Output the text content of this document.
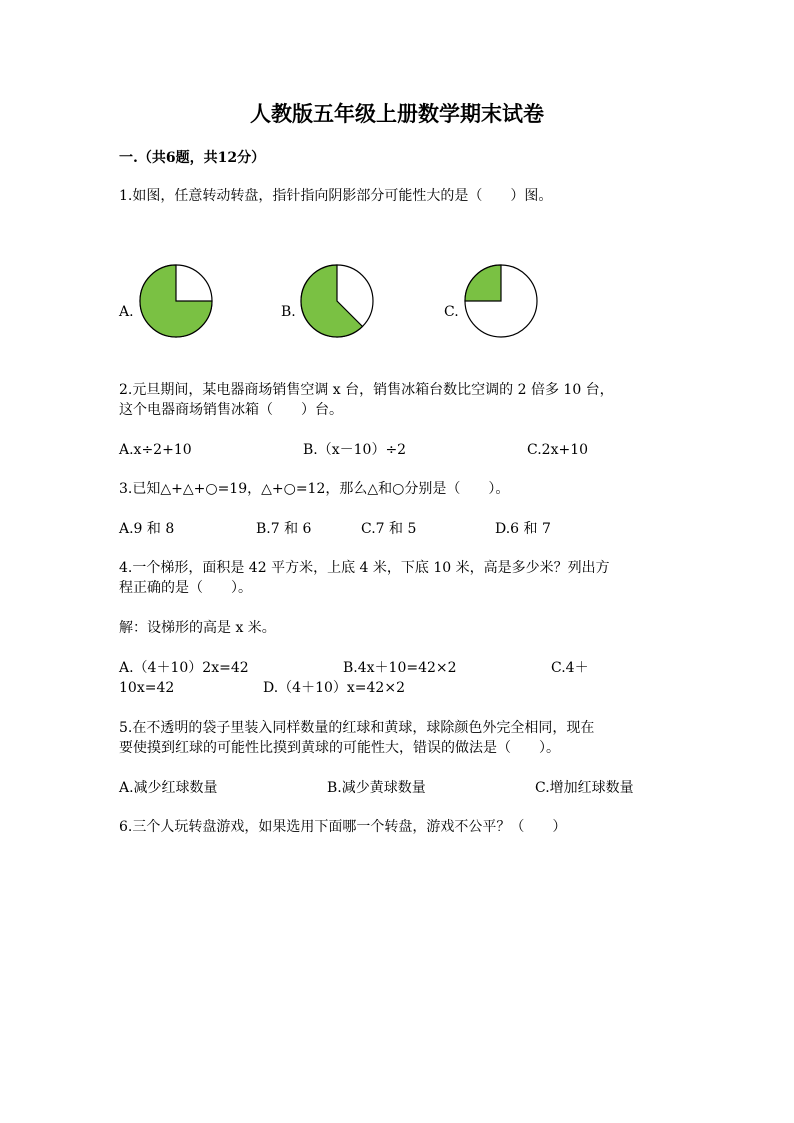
人教版五年级上册数学期末试卷
一.（共6题，共12分）
1.如图，任意转动转盘，指针指向阴影部分可能性大的是（　　）图。
A.	B.	C.
2.元旦期间，某电器商场销售空调 x 台，销售冰箱台数比空调的 2 倍多 10 台，
这个电器商场销售冰箱（　　）台。
A.x÷2+10	B.（x－10）÷2	C.2x+10
3.已知△+△+○=19，△+○=12，那么△和○分别是（　　）。
A.9 和 8	B.7 和 6	C.7 和 5	D.6 和 7
4.一个梯形，面积是 42 平方米，上底 4 米，下底 10 米，高是多少米？列出方
程正确的是（　　）。
解：设梯形的高是 x 米。
A.（4＋10）2x=42	B.4x＋10=42×2	C.4＋
10x=42	D.（4＋10）x=42×2
5.在不透明的袋子里装入同样数量的红球和黄球，球除颜色外完全相同，现在
要使摸到红球的可能性比摸到黄球的可能性大，错误的做法是（　　）。
A.减少红球数量	B.减少黄球数量	C.增加红球数量
6.三个人玩转盘游戏，如果选用下面哪一个转盘，游戏不公平？（　　）
